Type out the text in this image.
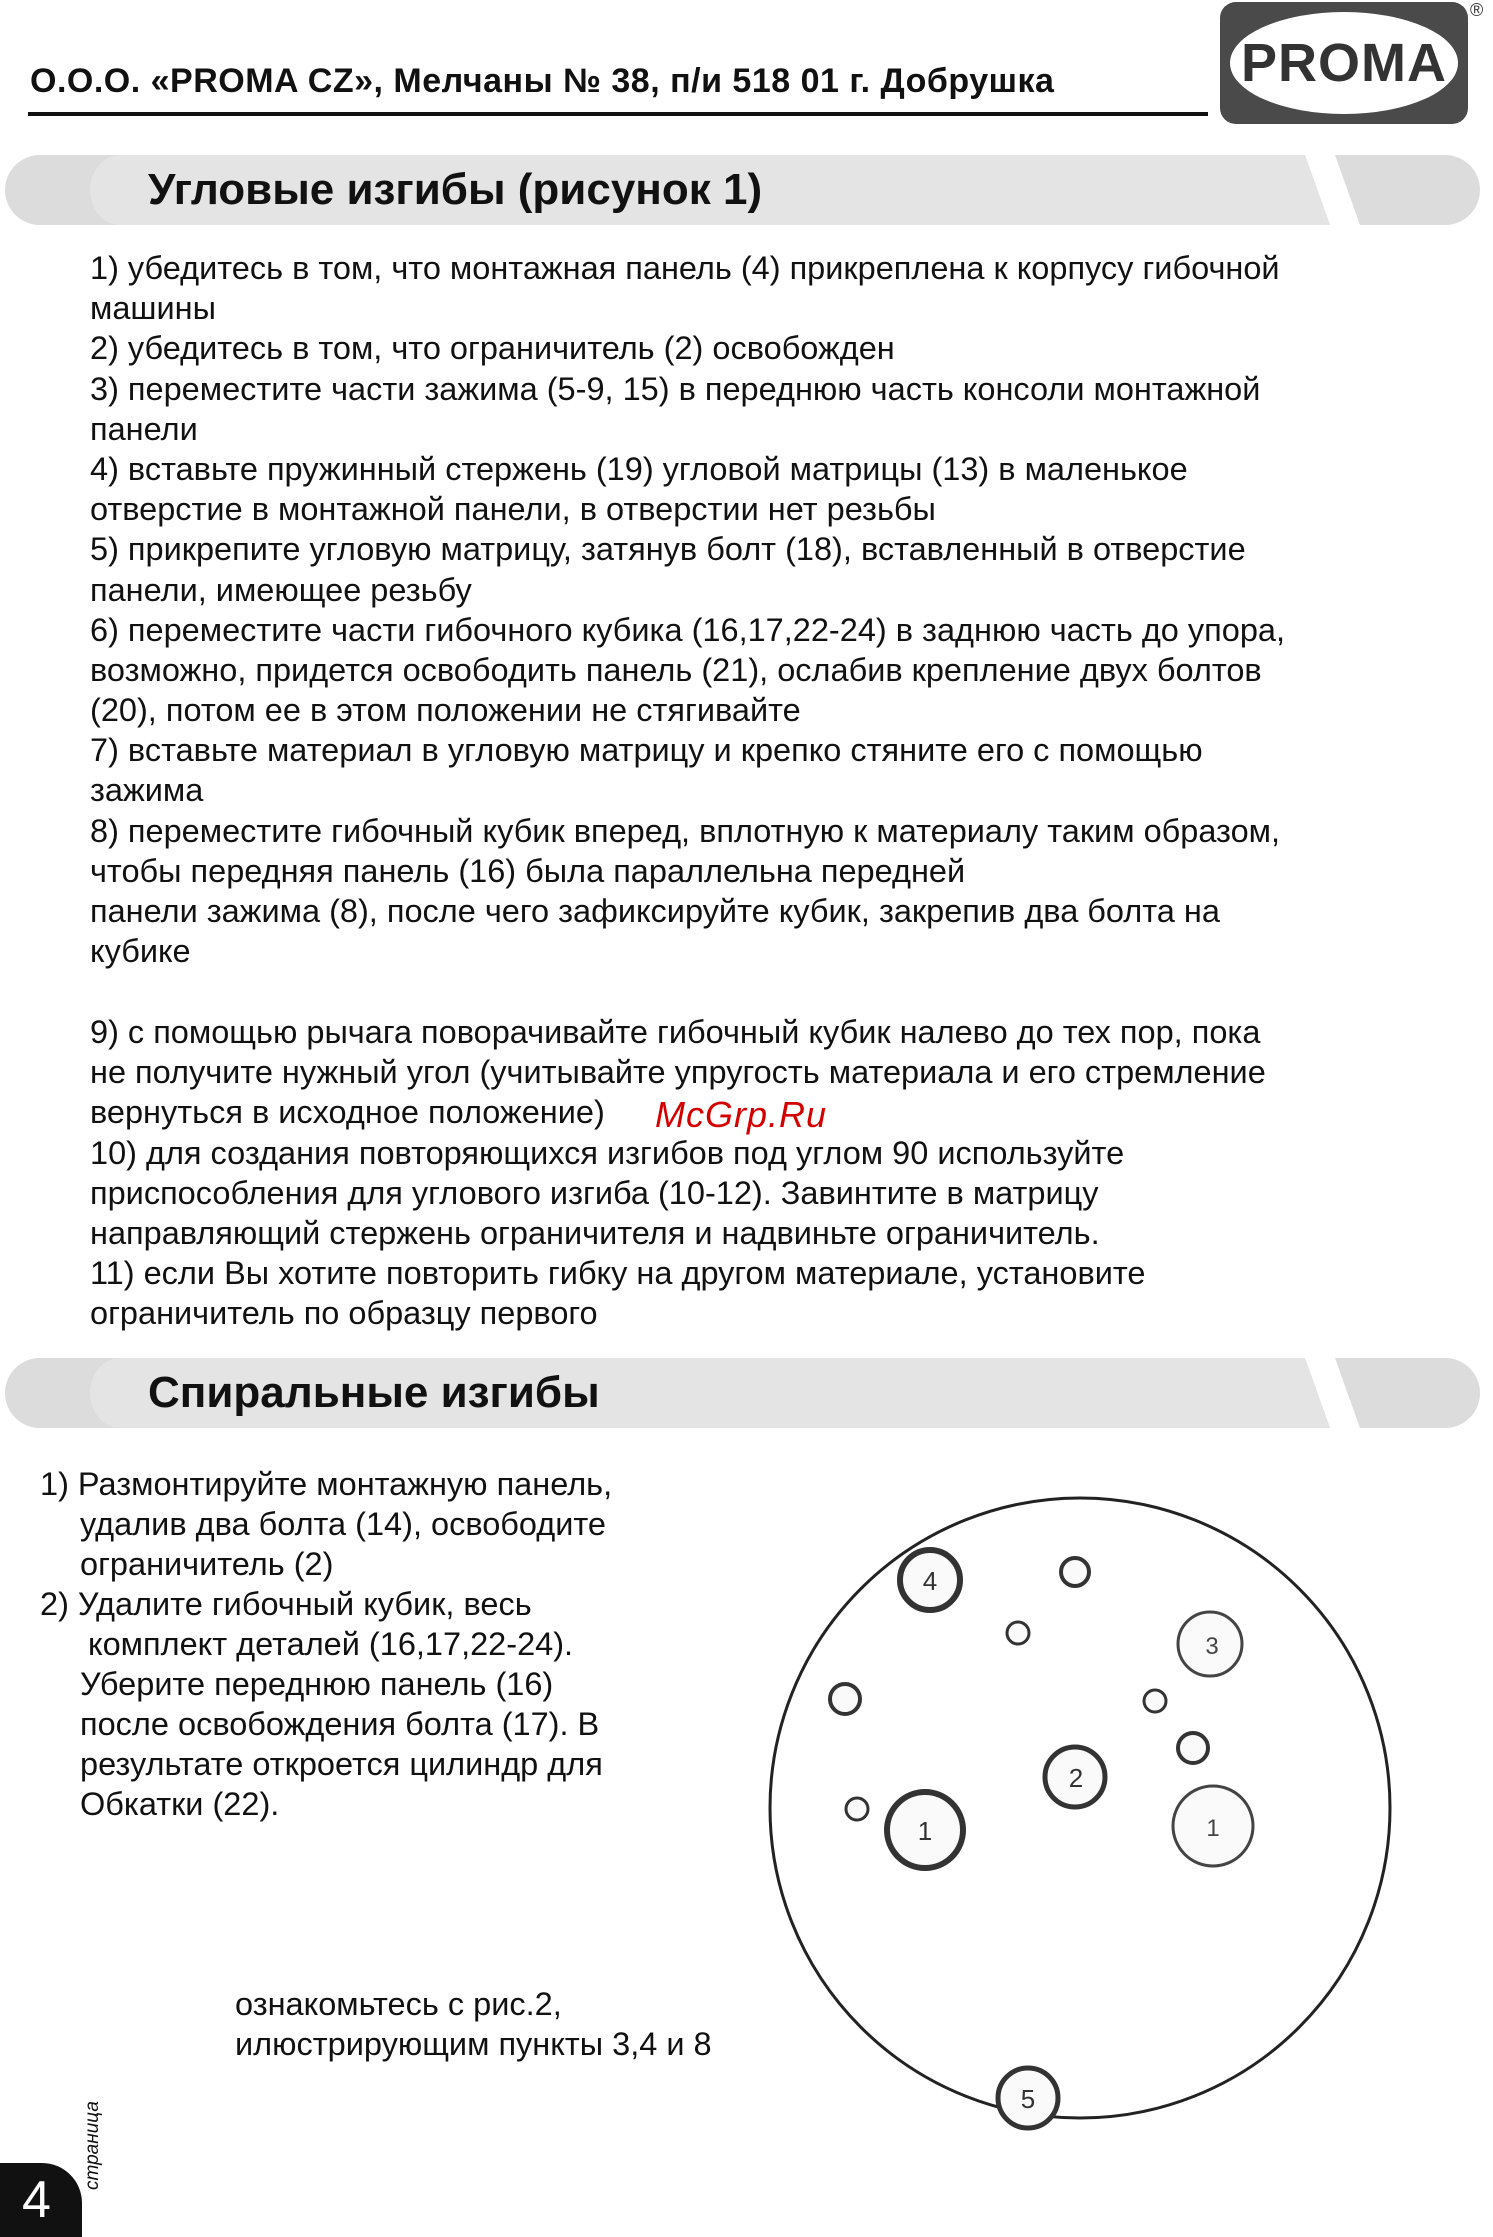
О.О.О. «PROMA CZ», Мелчаны № 38, п/и 518 01 г. Добрушка	PROMA
®
Угловые изгибы (рисунок 1)
1) убедитесь в том, что монтажная панель (4) прикреплена к корпусу гибочной
машины
2) убедитесь в том, что ограничитель (2) освобожден
3) переместите части зажима (5-9, 15) в переднюю часть консоли монтажной
панели
4) вставьте пружинный стержень (19) угловой матрицы (13) в маленькое
отверстие в монтажной панели, в отверстии нет резьбы
5) прикрепите угловую матрицу, затянув болт (18), вставленный в отверстие
панели, имеющее резьбу
6) переместите части гибочного кубика (16,17,22-24) в заднюю часть до упора,
возможно, придется освободить панель (21), ослабив крепление двух болтов
(20), потом ее в этом положении не стягивайте
7) вставьте материал в угловую матрицу и крепко стяните его с помощью
зажима
8) переместите гибочный кубик вперед, вплотную к материалу таким образом,
чтобы передняя панель (16) была параллельна передней
панели зажима (8), после чего зафиксируйте кубик, закрепив два болта на
кубике
9) с помощью рычага поворачивайте гибочный кубик налево до тех пор, пока
не получите нужный угол (учитывайте упругость материала и его стремление
вернуться в исходное положение)
10) для создания повторяющихся изгибов под углом 90 используйте
приспособления для углового изгиба (10-12). Завинтите в матрицу
направляющий стержень ограничителя и надвиньте ограничитель.
11) если Вы хотите повторить гибку на другом материале, установите
ограничитель по образцу первого
McGrp.Ru
Спиральные изгибы
1) Размонтируйте монтажную панель,
удалив два болта (14), освободите
ограничитель (2)
2) Удалите гибочный кубик, весь
комплект деталей (16,17,22-24).
Уберите переднюю панель (16)
после освобождения болта (17). В
результате откроется цилиндр для
Обкатки (22).
4
3
2
1	1
5
ознакомьтесь с рис.2,
илюстрирующим пункты 3,4 и 8
4
страница
